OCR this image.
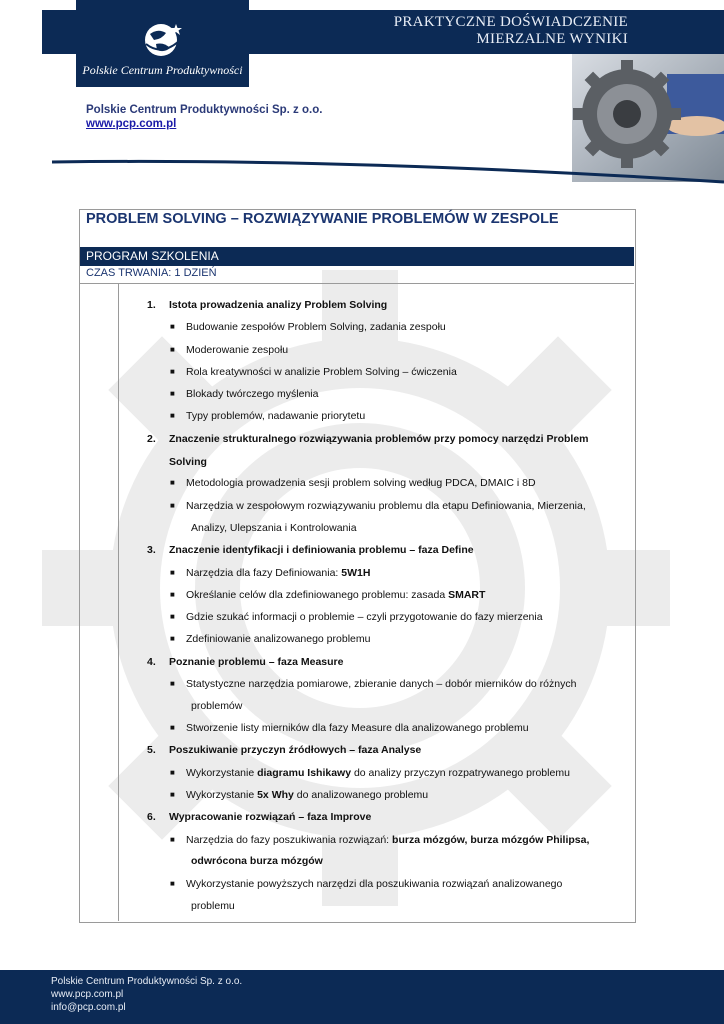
PRAKTYCZNE DOŚWIADCZENIE
MIERZALNE WYNIKI
Polskie Centrum Produktywności
Polskie Centrum Produktywności Sp. z o.o.
www.pcp.com.pl
PROBLEM SOLVING – ROZWIĄZYWANIE PROBLEMÓW W ZESPOLE
PROGRAM SZKOLENIA
CZAS TRWANIA: 1 DZIEŃ
1. Istota prowadzenia analizy Problem Solving
■ Budowanie zespołów Problem Solving, zadania zespołu
■ Moderowanie zespołu
■ Rola kreatywności w analizie Problem Solving – ćwiczenia
■ Blokady twórczego myślenia
■ Typy problemów, nadawanie priorytetu
2. Znaczenie strukturalnego rozwiązywania problemów przy pomocy narzędzi Problem
Solving
■ Metodologia prowadzenia sesji problem solving według PDCA, DMAIC i 8D
■ Narzędzia w zespołowym rozwiązywaniu problemu dla etapu Definiowania, Mierzenia,
Analizy, Ulepszania i Kontrolowania
3. Znaczenie identyfikacji i definiowania problemu – faza Define
■ Narzędzia dla fazy Definiowania: 5W1H
■ Określanie celów dla zdefiniowanego problemu: zasada SMART
■ Gdzie szukać informacji o problemie – czyli przygotowanie do fazy mierzenia
■ Zdefiniowanie analizowanego problemu
4. Poznanie problemu – faza Measure
■ Statystyczne narzędzia pomiarowe, zbieranie danych – dobór mierników do różnych
problemów
■ Stworzenie listy mierników dla fazy Measure dla analizowanego problemu
5. Poszukiwanie przyczyn źródłowych – faza Analyse
■ Wykorzystanie diagramu Ishikawy do analizy przyczyn rozpatrywanego problemu
■ Wykorzystanie 5x Why do analizowanego problemu
6. Wypracowanie rozwiązań – faza Improve
■ Narzędzia do fazy poszukiwania rozwiązań: burza mózgów, burza mózgów Philipsa,
odwrócona burza mózgów
■ Wykorzystanie powyższych narzędzi dla poszukiwania rozwiązań analizowanego
problemu
Polskie Centrum Produktywności Sp. z o.o.
www.pcp.com.pl
info@pcp.com.pl
